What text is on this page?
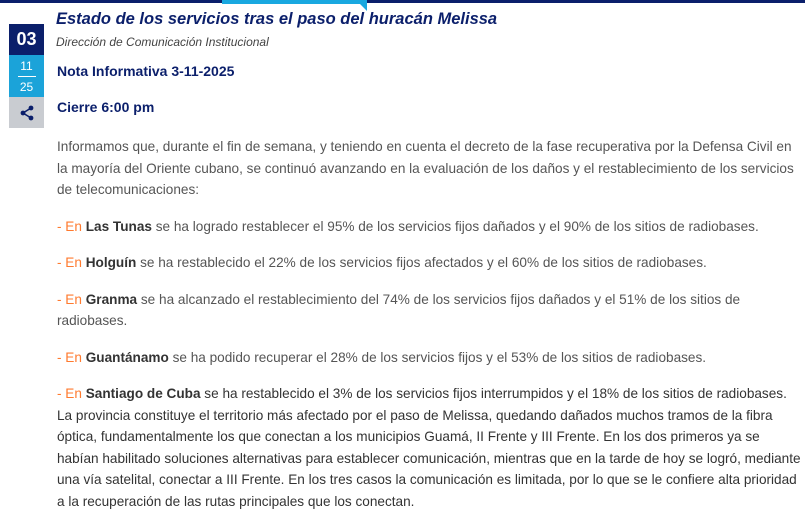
03
11
25
Estado de los servicios tras el paso del huracán Melissa
Dirección de Comunicación Institucional
Nota Informativa 3-11-2025
Cierre 6:00 pm

Informamos que, durante el fin de semana, y teniendo en cuenta el decreto de la fase recuperativa por la Defensa Civil en la mayoría del Oriente cubano, se continuó avanzando en la evaluación de los daños y el restablecimiento de los servicios de telecomunicaciones:

- En Las Tunas se ha logrado restablecer el 95% de los servicios fijos dañados y el 90% de los sitios de radiobases.

- En Holguín se ha restablecido el 22% de los servicios fijos afectados y el 60% de los sitios de radiobases.

- En Granma se ha alcanzado el restablecimiento del 74% de los servicios fijos dañados y el 51% de los sitios de radiobases.

- En Guantánamo se ha podido recuperar el 28% de los servicios fijos y el 53% de los sitios de radiobases.

- En Santiago de Cuba se ha restablecido el 3% de los servicios fijos interrumpidos y el 18% de los sitios de radiobases. La provincia constituye el territorio más afectado por el paso de Melissa, quedando dañados muchos tramos de la fibra óptica, fundamentalmente los que conectan a los municipios Guamá, II Frente y III Frente. En los dos primeros ya se habían habilitado soluciones alternativas para establecer comunicación, mientras que en la tarde de hoy se logró, mediante una vía satelital, conectar a III Frente. En los tres casos la comunicación es limitada, por lo que se le confiere alta prioridad a la recuperación de las rutas principales que los conectan.
